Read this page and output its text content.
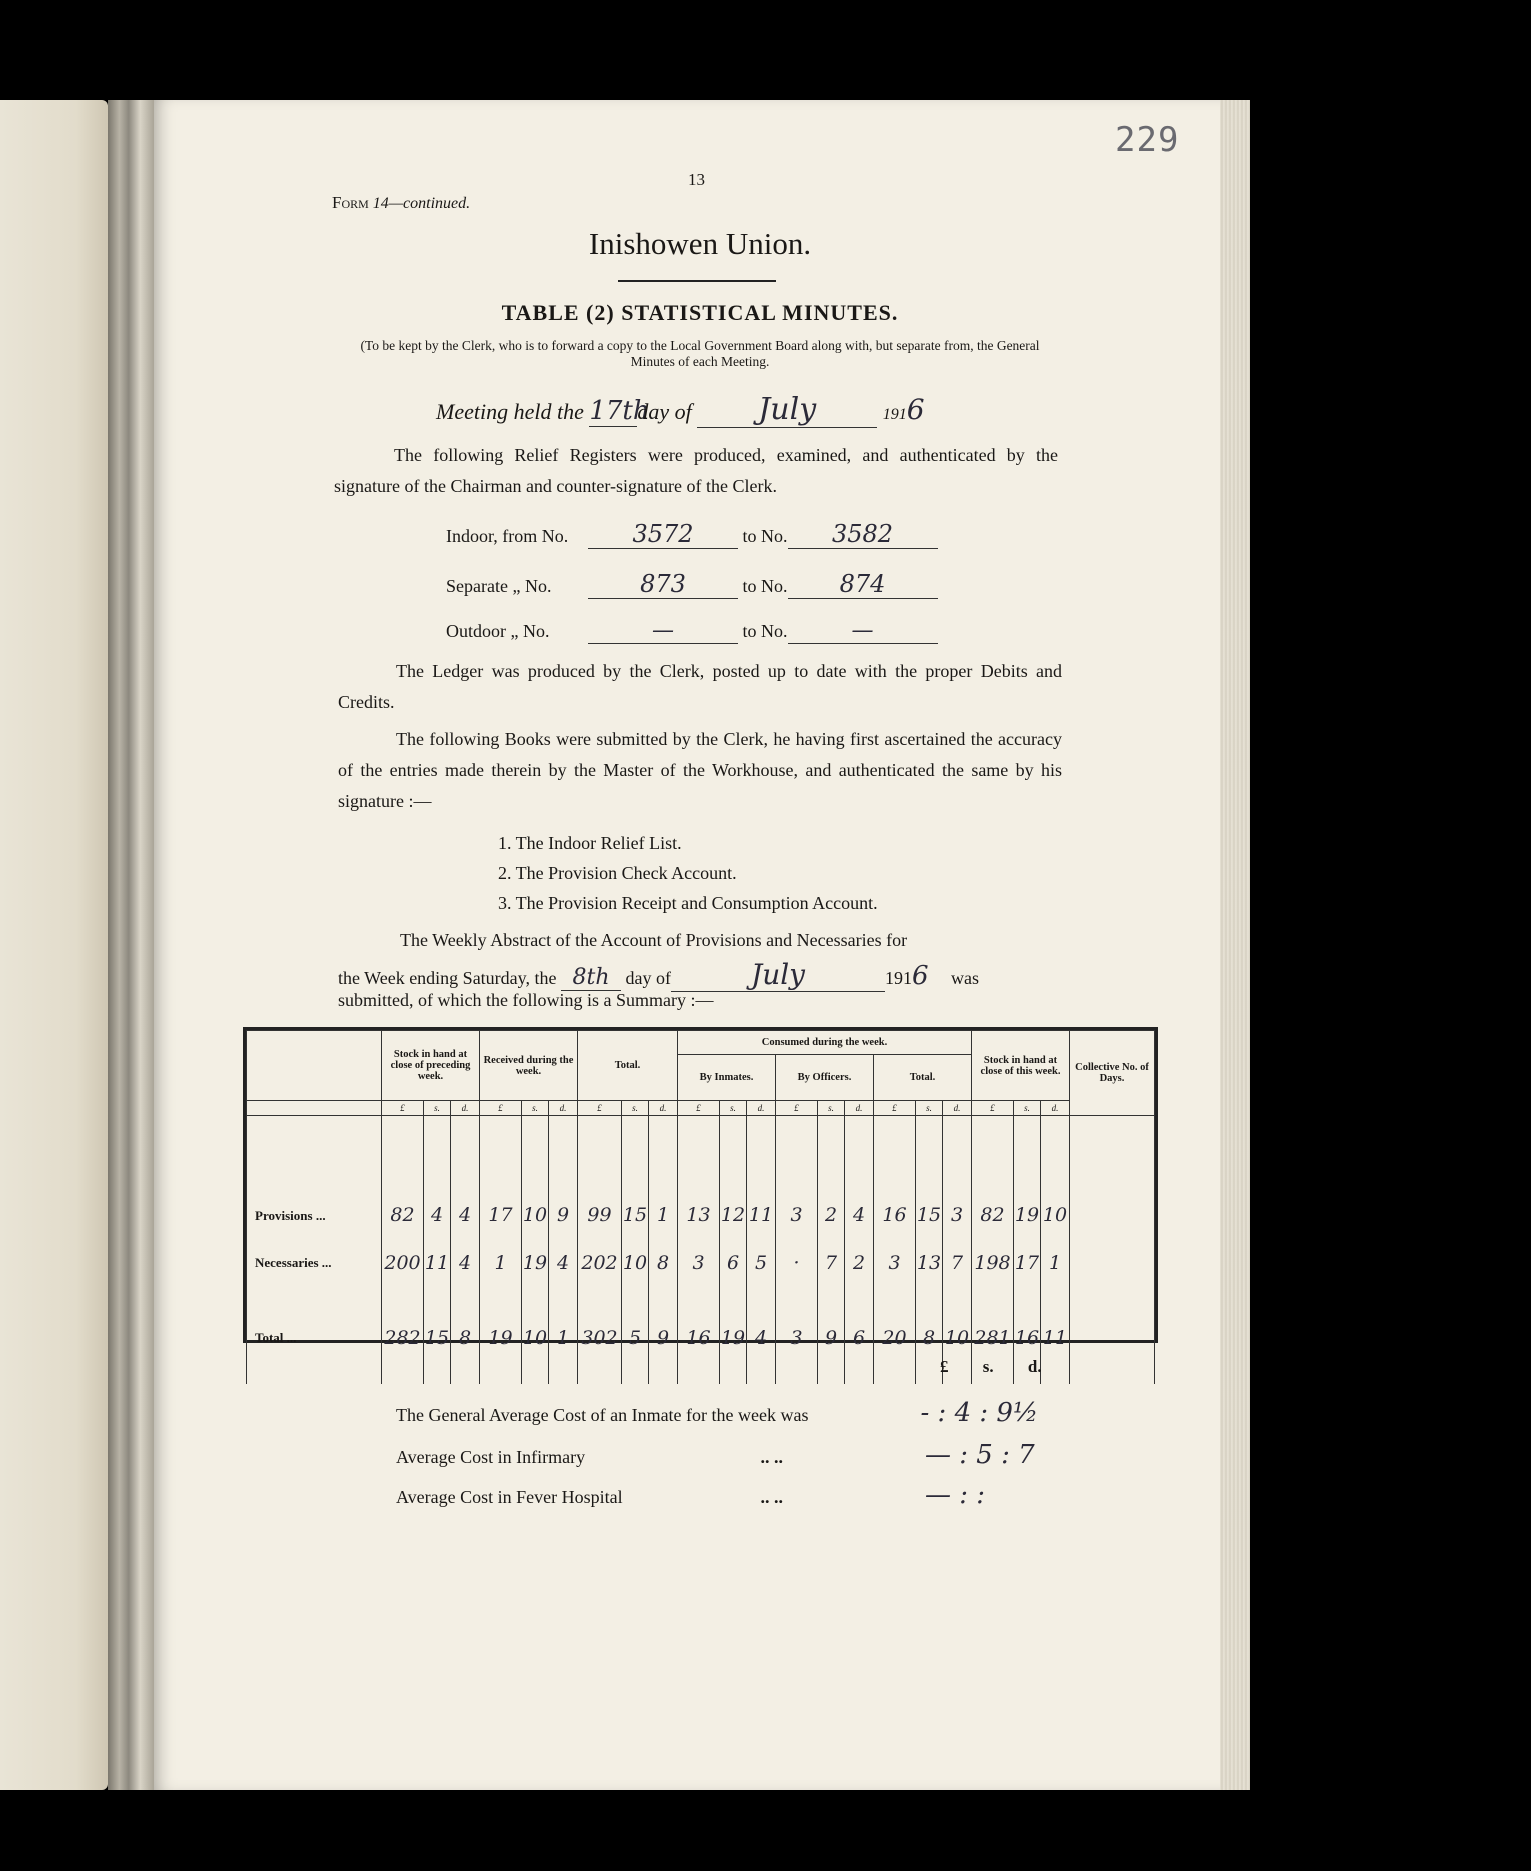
229
13
Form 14—continued.
Inishowen Union.
TABLE (2) STATISTICAL MINUTES.
(To be kept by the Clerk, who is to forward a copy to the Local Government Board along with, but separate from, the General Minutes of each Meeting.
Meeting held the 17thday of July	1916
The following Relief Registers were produced, examined, and authenticated by the signature of the Chairman and counter-signature of the Clerk.
Indoor, from No.	3572	to No. 3582
Separate „ No.	873	to No. 874
Outdoor „ No.	—	to No.	—
The Ledger was produced by the Clerk, posted up to date with the proper Debits and Credits.
The following Books were submitted by the Clerk, he having first ascertained the accuracy of the entries made therein by the Master of the Workhouse, and authenticated the same by his signature :—
1. The Indoor Relief List.
2. The Provision Check Account.
3. The Provision Receipt and Consumption Account.
The Weekly Abstract of the Account of Provisions and Necessaries for
the Week ending Saturday, the 8th day of	July	1916 was
submitted, of which the following is a Summary :—
	Stock in hand at close of preceding week.			Received during the week.			Total.			Consumed during the week.									Stock in hand at close of this week.			Collective No. of Days.
										By Inmates.			By Officers.			Total.						
	£	s.	d.	£	s.	d.	£	s.	d.	£	s.	d.	£	s.	d.	£	s.	d.	£	s.	d.	
Provisions ...	82	4	4	17	10	9	99	15	1	13	12	11	3	2	4	16	15	3	82	19	10	
Necessaries ...	200	11	4	1	19	4	202	10	8	3	6	5	·	7	2	3	13	7	198	17	1	
Total ...	282	15	8	19	10	1	302	5	9	16	19	4	3	9	6	20	8	10	281	16	11	
£ s. d.
The General Average Cost of an Inmate for the week was	- : 4 : 9½
Average Cost in Infirmary	.. ..	— : 5 : 7
Average Cost in Fever Hospital	.. ..	— : :
